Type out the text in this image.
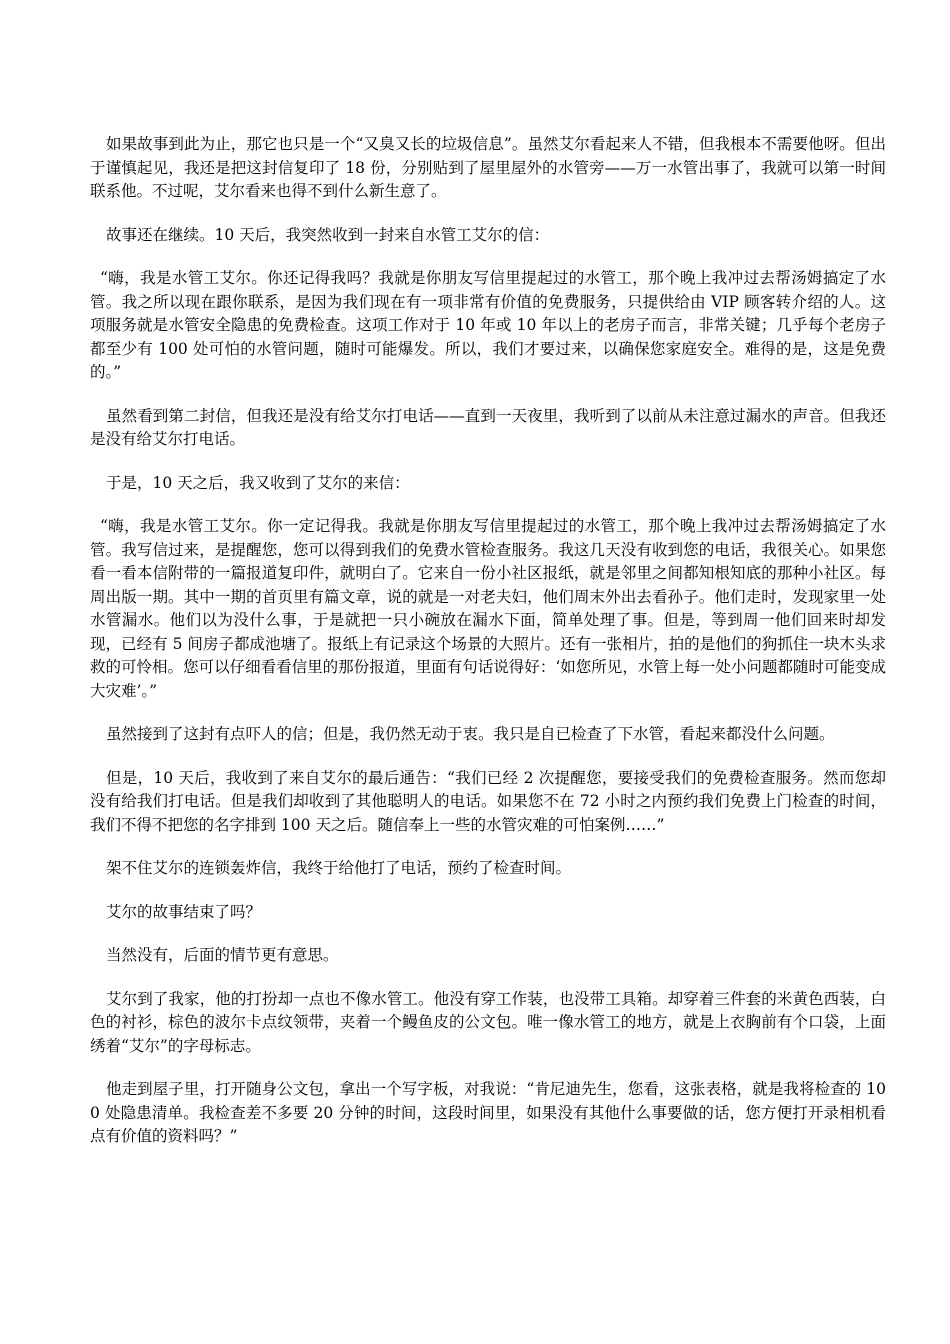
如果故事到此为止，那它也只是一个“又臭又长的垃圾信息”。虽然艾尔看起来人不错，但我根本不需要他呀。但出于谨慎起见，我还是把这封信复印了 18 份，分别贴到了屋里屋外的水管旁——万一水管出事了，我就可以第一时间联系他。不过呢，艾尔看来也得不到什么新生意了。

故事还在继续。10 天后，我突然收到一封来自水管工艾尔的信：

“嗨，我是水管工艾尔。你还记得我吗？我就是你朋友写信里提起过的水管工，那个晚上我冲过去帮汤姆搞定了水管。我之所以现在跟你联系，是因为我们现在有一项非常有价值的免费服务，只提供给由 VIP 顾客转介绍的人。这项服务就是水管安全隐患的免费检查。这项工作对于 10 年或 10 年以上的老房子而言，非常关键；几乎每个老房子都至少有 100 处可怕的水管问题，随时可能爆发。所以，我们才要过来，以确保您家庭安全。难得的是，这是免费的。”

虽然看到第二封信，但我还是没有给艾尔打电话——直到一天夜里，我听到了以前从未注意过漏水的声音。但我还是没有给艾尔打电话。

于是，10 天之后，我又收到了艾尔的来信：

“嗨，我是水管工艾尔。你一定记得我。我就是你朋友写信里提起过的水管工，那个晚上我冲过去帮汤姆搞定了水管。我写信过来，是提醒您，您可以得到我们的免费水管检查服务。我这几天没有收到您的电话，我很关心。如果您看一看本信附带的一篇报道复印件，就明白了。它来自一份小社区报纸，就是邻里之间都知根知底的那种小社区。每周出版一期。其中一期的首页里有篇文章，说的就是一对老夫妇，他们周末外出去看孙子。他们走时，发现家里一处水管漏水。他们以为没什么事，于是就把一只小碗放在漏水下面，简单处理了事。但是，等到周一他们回来时却发现，已经有 5 间房子都成池塘了。报纸上有记录这个场景的大照片。还有一张相片，拍的是他们的狗抓住一块木头求救的可怜相。您可以仔细看看信里的那份报道，里面有句话说得好：‘如您所见，水管上每一处小问题都随时可能变成大灾难’。”

虽然接到了这封有点吓人的信；但是，我仍然无动于衷。我只是自已检查了下水管，看起来都没什么问题。

但是，10 天后，我收到了来自艾尔的最后通告：“我们已经 2 次提醒您，要接受我们的免费检查服务。然而您却没有给我们打电话。但是我们却收到了其他聪明人的电话。如果您不在 72 小时之内预约我们免费上门检查的时间，我们不得不把您的名字排到 100 天之后。随信奉上一些的水管灾难的可怕案例……”

架不住艾尔的连锁轰炸信，我终于给他打了电话，预约了检查时间。

艾尔的故事结束了吗？

当然没有，后面的情节更有意思。

艾尔到了我家，他的打扮却一点也不像水管工。他没有穿工作装，也没带工具箱。却穿着三件套的米黄色西装，白色的衬衫，棕色的波尔卡点纹领带，夹着一个鳗鱼皮的公文包。唯一像水管工的地方，就是上衣胸前有个口袋，上面绣着“艾尔”的字母标志。

他走到屋子里，打开随身公文包，拿出一个写字板，对我说：“肯尼迪先生，您看，这张表格，就是我将检查的 100 处隐患清单。我检查差不多要 20 分钟的时间，这段时间里，如果没有其他什么事要做的话，您方便打开录相机看点有价值的资料吗？”
